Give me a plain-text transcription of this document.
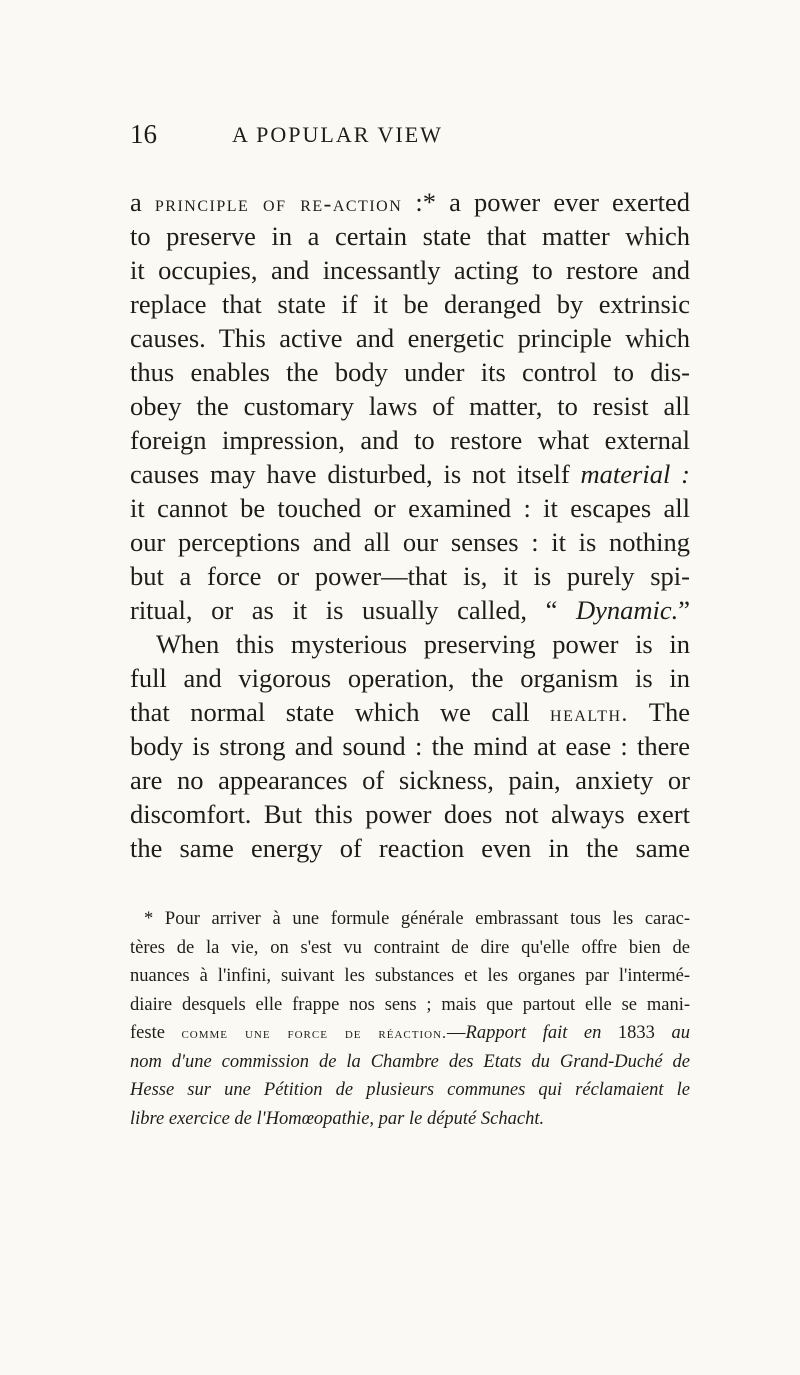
16	A POPULAR VIEW
a principle of re-action :* a power ever exerted
to preserve in a certain state that matter which
it occupies, and incessantly acting to restore and
replace that state if it be deranged by extrinsic
causes. This active and energetic principle which
thus enables the body under its control to dis-
obey the customary laws of matter, to resist all
foreign impression, and to restore what external
causes may have disturbed, is not itself material :
it cannot be touched or examined : it escapes all
our perceptions and all our senses : it is nothing
but a force or power—that is, it is purely spi-
ritual, or as it is usually called, “ Dynamic.”
When this mysterious preserving power is in
full and vigorous operation, the organism is in
that normal state which we call health. The
body is strong and sound : the mind at ease : there
are no appearances of sickness, pain, anxiety or
discomfort. But this power does not always exert
the same energy of reaction even in the same
* Pour arriver à une formule générale embrassant tous les carac-
tères de la vie, on s'est vu contraint de dire qu'elle offre bien de
nuances à l'infini, suivant les substances et les organes par l'intermé-
diaire desquels elle frappe nos sens ; mais que partout elle se mani-
feste comme une force de réaction.—Rapport fait en 1833 au
nom d'une commission de la Chambre des Etats du Grand-Duché de
Hesse sur une Pétition de plusieurs communes qui réclamaient le
libre exercice de l'Homœopathie, par le député Schacht.
